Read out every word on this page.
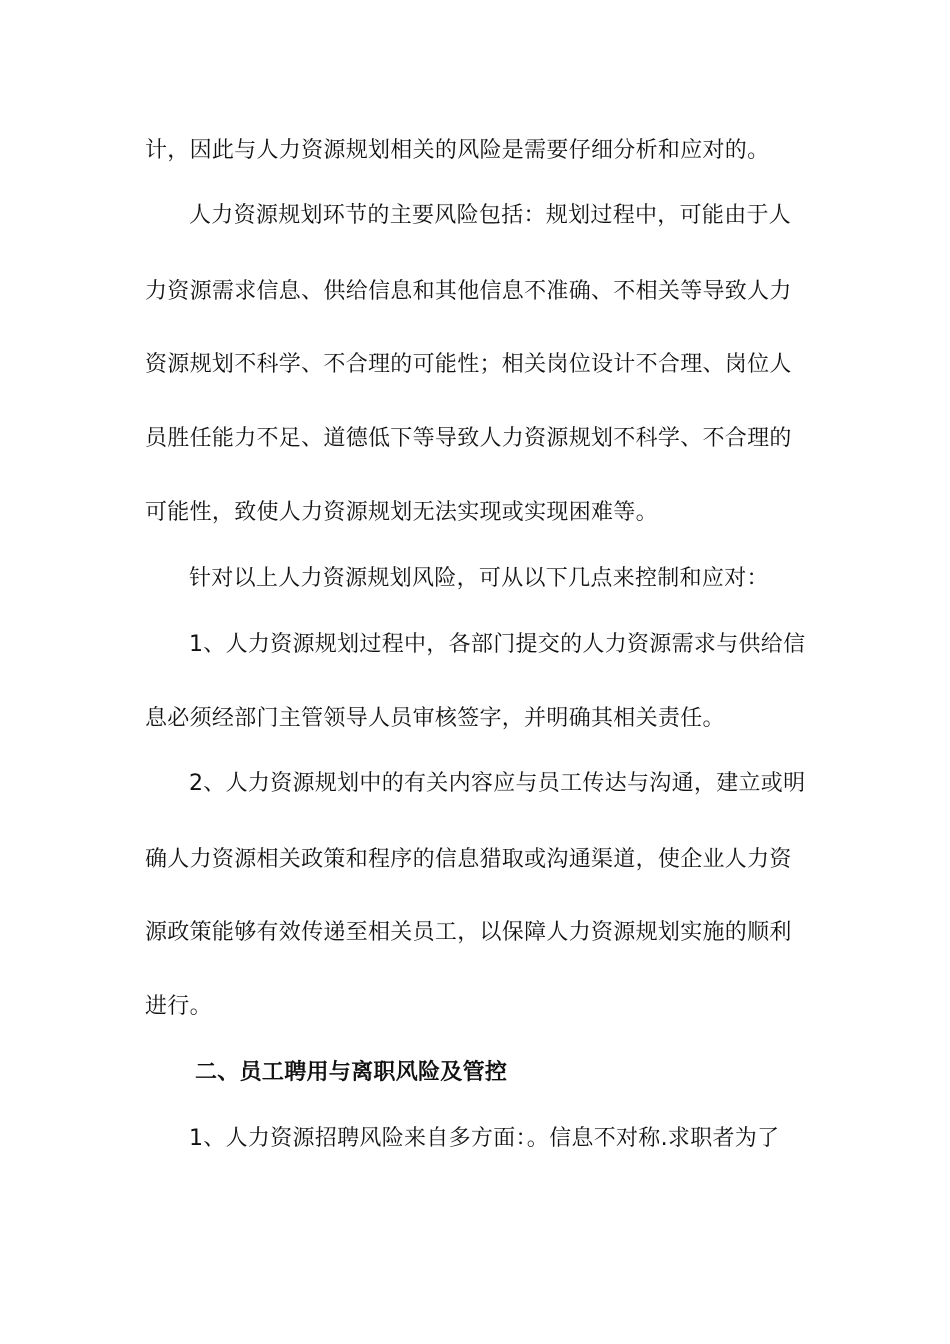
计，因此与人力资源规划相关的风险是需要仔细分析和应对的。
人力资源规划环节的主要风险包括：规划过程中，可能由于人
力资源需求信息、供给信息和其他信息不准确、不相关等导致人力
资源规划不科学、不合理的可能性；相关岗位设计不合理、岗位人
员胜任能力不足、道德低下等导致人力资源规划不科学、不合理的
可能性，致使人力资源规划无法实现或实现困难等。
针对以上人力资源规划风险，可从以下几点来控制和应对：
1、人力资源规划过程中，各部门提交的人力资源需求与供给信
息必须经部门主管领导人员审核签字，并明确其相关责任。
2、人力资源规划中的有关内容应与员工传达与沟通，建立或明
确人力资源相关政策和程序的信息猎取或沟通渠道，使企业人力资
源政策能够有效传递至相关员工，以保障人力资源规划实施的顺利
进行。
二、员工聘用与离职风险及管控
1、人力资源招聘风险来自多方面：。信息不对称.求职者为了
